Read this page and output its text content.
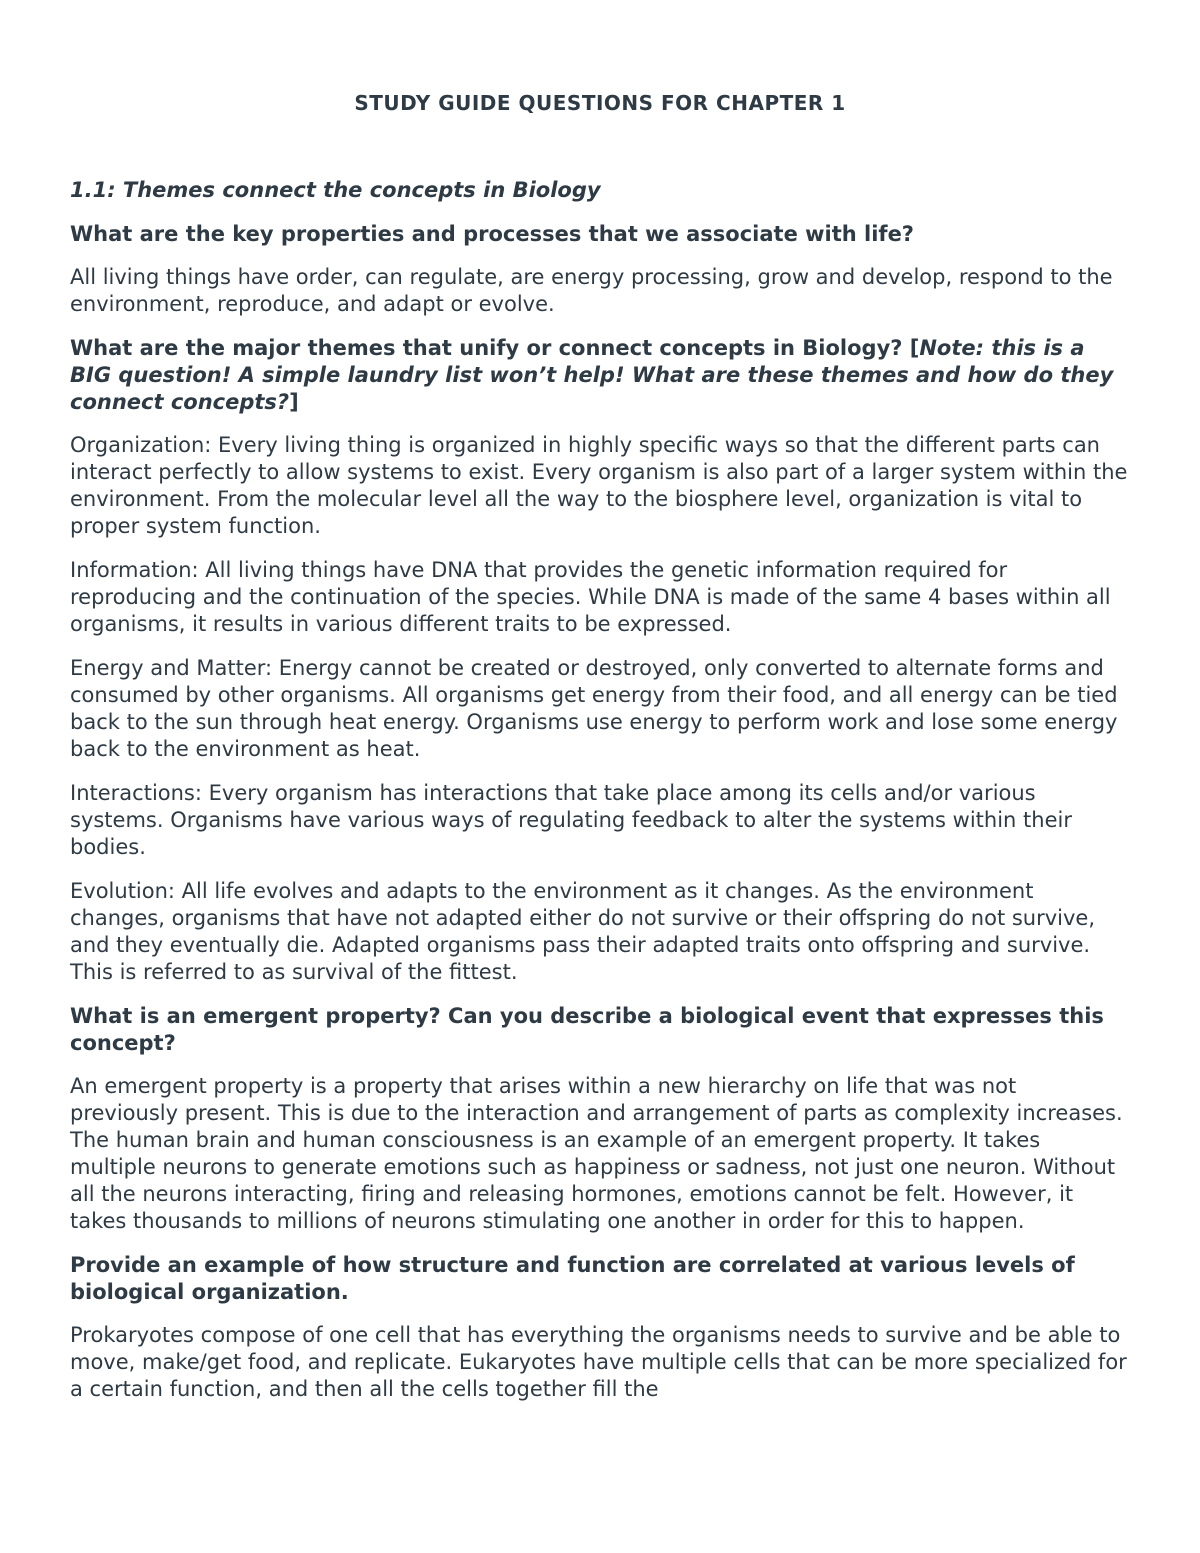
STUDY GUIDE QUESTIONS FOR CHAPTER 1
1.1: Themes connect the concepts in Biology
What are the key properties and processes that we associate with life?
All living things have order, can regulate, are energy processing, grow and develop, respond to the environment, reproduce, and adapt or evolve.
What are the major themes that unify or connect concepts in Biology? [Note: this is a BIG question! A simple laundry list won’t help! What are these themes and how do they connect concepts?]
Organization: Every living thing is organized in highly specific ways so that the different parts can interact perfectly to allow systems to exist. Every organism is also part of a larger system within the environment. From the molecular level all the way to the biosphere level, organization is vital to proper system function.
Information: All living things have DNA that provides the genetic information required for reproducing and the continuation of the species. While DNA is made of the same 4 bases within all organisms, it results in various different traits to be expressed.
Energy and Matter: Energy cannot be created or destroyed, only converted to alternate forms and consumed by other organisms. All organisms get energy from their food, and all energy can be tied back to the sun through heat energy. Organisms use energy to perform work and lose some energy back to the environment as heat.
Interactions: Every organism has interactions that take place among its cells and/or various systems. Organisms have various ways of regulating feedback to alter the systems within their bodies.
Evolution: All life evolves and adapts to the environment as it changes. As the environment changes, organisms that have not adapted either do not survive or their offspring do not survive, and they eventually die. Adapted organisms pass their adapted traits onto offspring and survive. This is referred to as survival of the fittest.
What is an emergent property? Can you describe a biological event that expresses this concept?
An emergent property is a property that arises within a new hierarchy on life that was not previously present. This is due to the interaction and arrangement of parts as complexity increases. The human brain and human consciousness is an example of an emergent property. It takes multiple neurons to generate emotions such as happiness or sadness, not just one neuron. Without all the neurons interacting, firing and releasing hormones, emotions cannot be felt. However, it takes thousands to millions of neurons stimulating one another in order for this to happen.
Provide an example of how structure and function are correlated at various levels of biological organization.
Prokaryotes compose of one cell that has everything the organisms needs to survive and be able to move, make/get food, and replicate. Eukaryotes have multiple cells that can be more specialized for a certain function, and then all the cells together fill the
